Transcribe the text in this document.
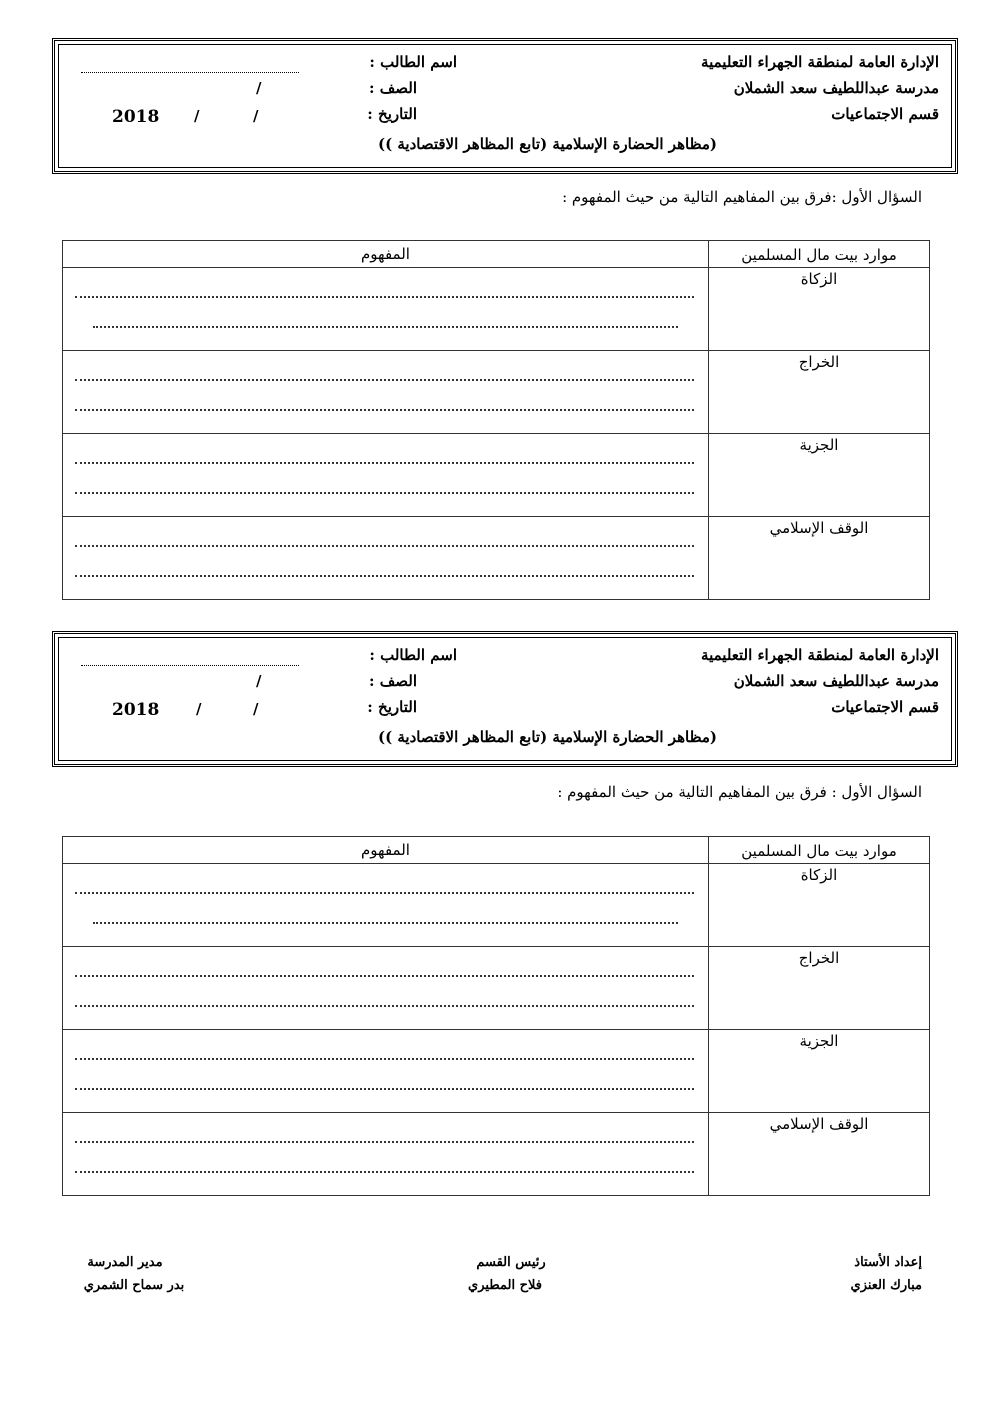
الإدارة العامة لمنطقة الجهراء التعليمية
مدرسة عبداللطيف سعد الشملان
قسم الاجتماعيات
اسم الطالب :
الصف :
/
التاريخ :
/
/
2018
(مظاهر الحضارة الإسلامية (تابع المظاهر الاقتصادية ))
السؤال الأول :فرق بين المفاهيم التالية من حيث المفهوم :
موارد بيت مال المسلمين	المفهوم
الزكاة	

الخراج	

الجزية	

الوقف الإسلامي	
الإدارة العامة لمنطقة الجهراء التعليمية
مدرسة عبداللطيف سعد الشملان
قسم الاجتماعيات
اسم الطالب :
الصف :
/
التاريخ :
/	/
2018
(مظاهر الحضارة الإسلامية (تابع المظاهر الاقتصادية ))
السؤال الأول : فرق بين المفاهيم التالية من حيث المفهوم :
موارد بيت مال المسلمين	المفهوم
الزكاة	

الخراج	

الجزية	

الوقف الإسلامي	
إعداد الأستاذ
مبارك العنزي
رئيس القسم
فلاح المطيري
مدير المدرسة
بدر سماح الشمري
